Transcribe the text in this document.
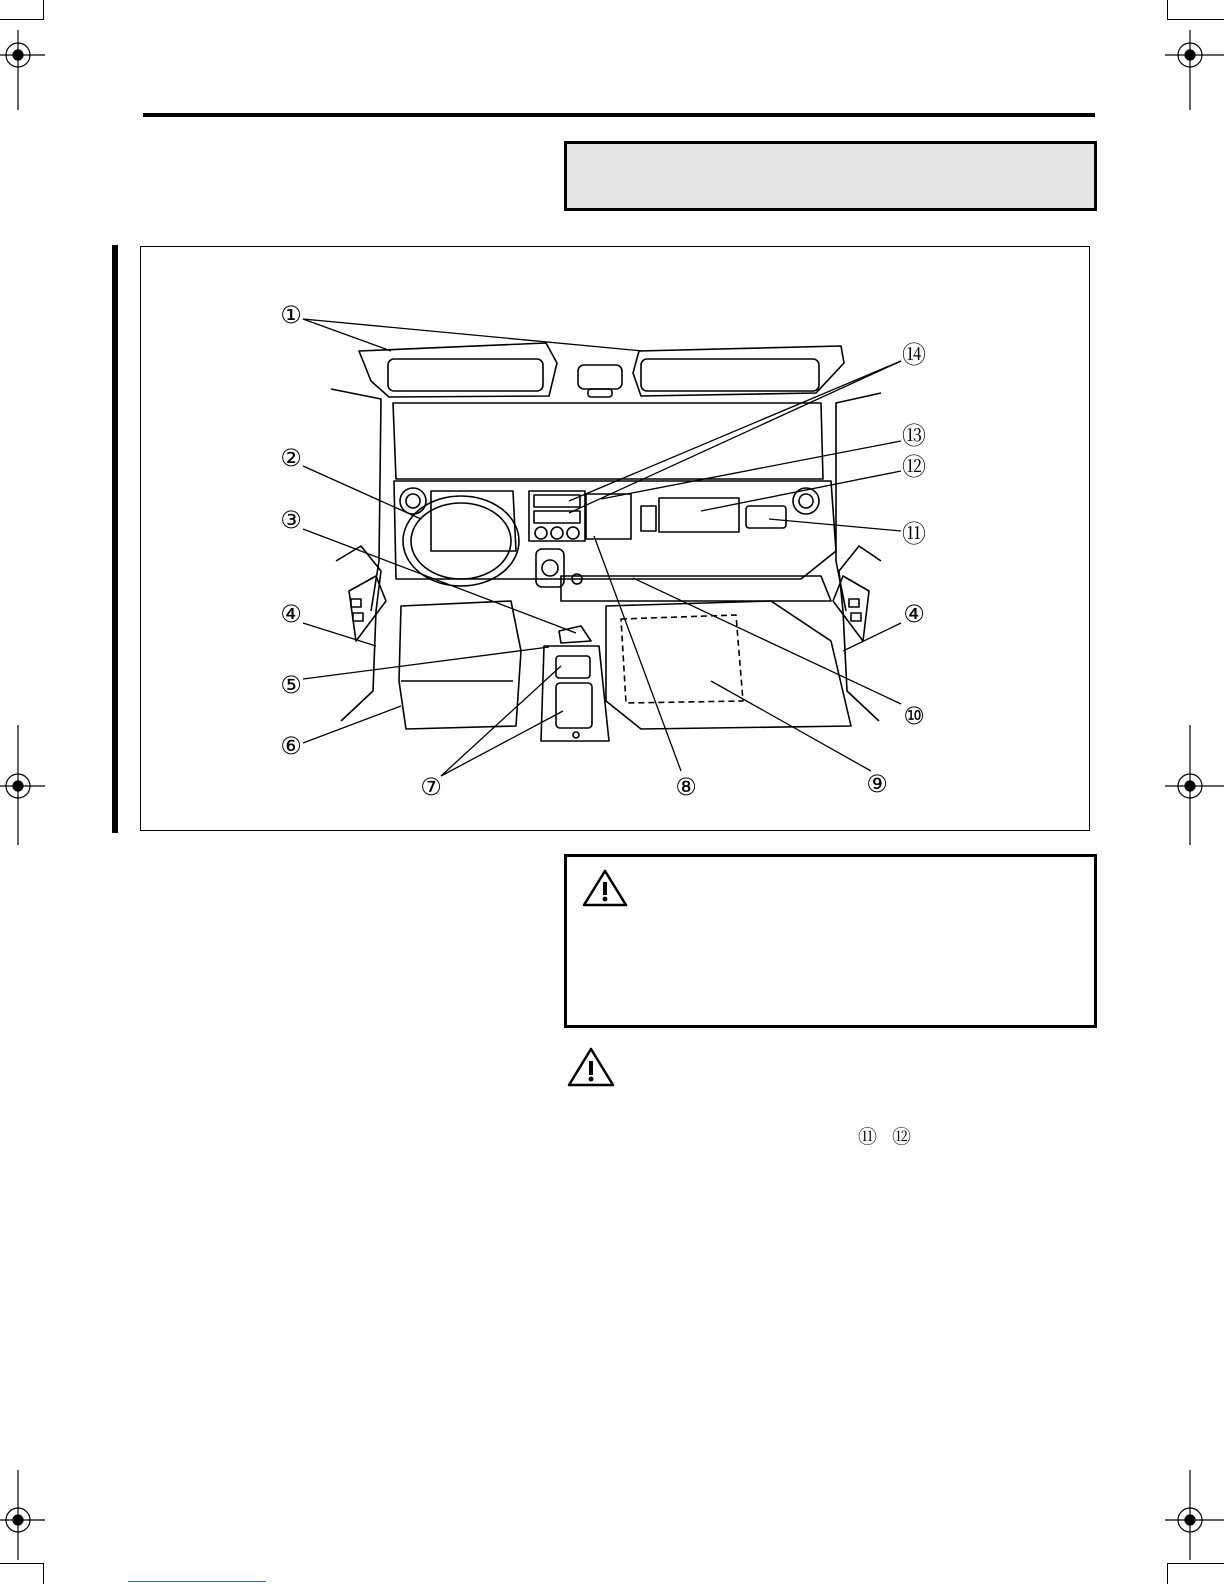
①
②
③
④	④
⑤
⑥
⑦	⑧	⑨
⑩
⑪
⑫
⑬
⑭
⑪ ⑫
